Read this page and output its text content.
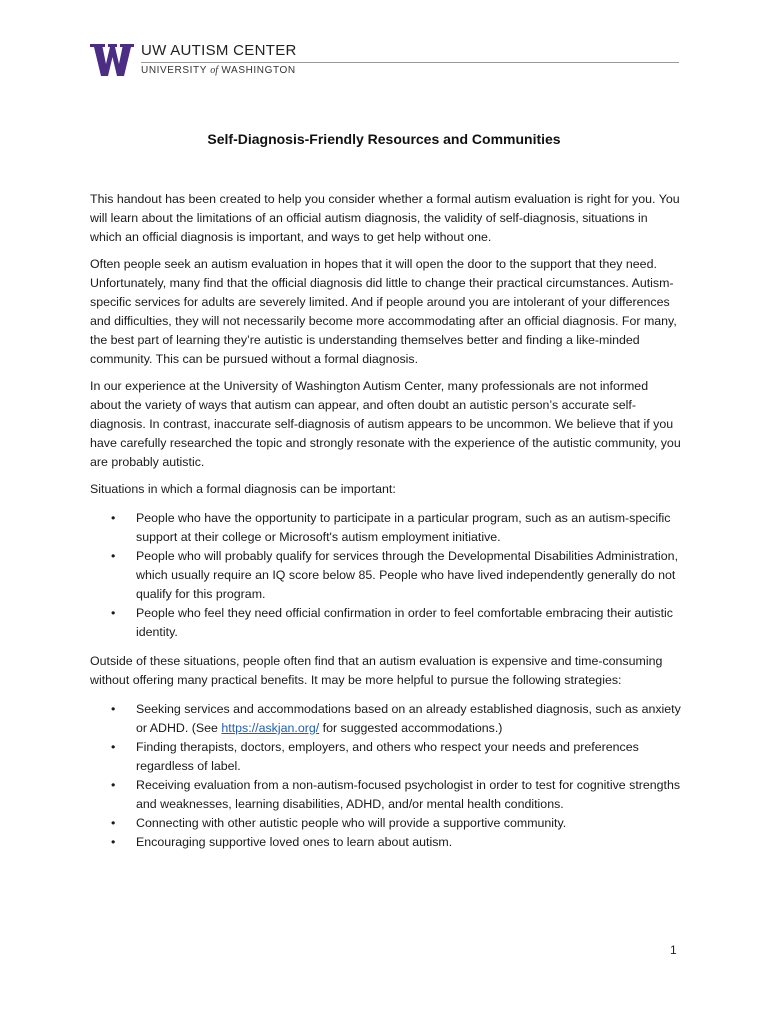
UW AUTISM CENTER
UNIVERSITY of WASHINGTON
Self-Diagnosis-Friendly Resources and Communities

This handout has been created to help you consider whether a formal autism evaluation is right for you. You will learn about the limitations of an official autism diagnosis, the validity of self-diagnosis, situations in which an official diagnosis is important, and ways to get help without one.

Often people seek an autism evaluation in hopes that it will open the door to the support that they need. Unfortunately, many find that the official diagnosis did little to change their practical circumstances. Autism-specific services for adults are severely limited. And if people around you are intolerant of your differences and difficulties, they will not necessarily become more accommodating after an official diagnosis. For many, the best part of learning they’re autistic is understanding themselves better and finding a like-minded community. This can be pursued without a formal diagnosis.

In our experience at the University of Washington Autism Center, many professionals are not informed about the variety of ways that autism can appear, and often doubt an autistic person’s accurate self-diagnosis. In contrast, inaccurate self-diagnosis of autism appears to be uncommon. We believe that if you have carefully researched the topic and strongly resonate with the experience of the autistic community, you are probably autistic.

Situations in which a formal diagnosis can be important:

• People who have the opportunity to participate in a particular program, such as an autism-specific support at their college or Microsoft's autism employment initiative.
• People who will probably qualify for services through the Developmental Disabilities Administration, which usually require an IQ score below 85. People who have lived independently generally do not qualify for this program.
• People who feel they need official confirmation in order to feel comfortable embracing their autistic identity.

Outside of these situations, people often find that an autism evaluation is expensive and time-consuming without offering many practical benefits. It may be more helpful to pursue the following strategies:

• Seeking services and accommodations based on an already established diagnosis, such as anxiety or ADHD. (See https://askjan.org/ for suggested accommodations.)
• Finding therapists, doctors, employers, and others who respect your needs and preferences regardless of label.
• Receiving evaluation from a non-autism-focused psychologist in order to test for cognitive strengths and weaknesses, learning disabilities, ADHD, and/or mental health conditions.
• Connecting with other autistic people who will provide a supportive community.
• Encouraging supportive loved ones to learn about autism.
1
